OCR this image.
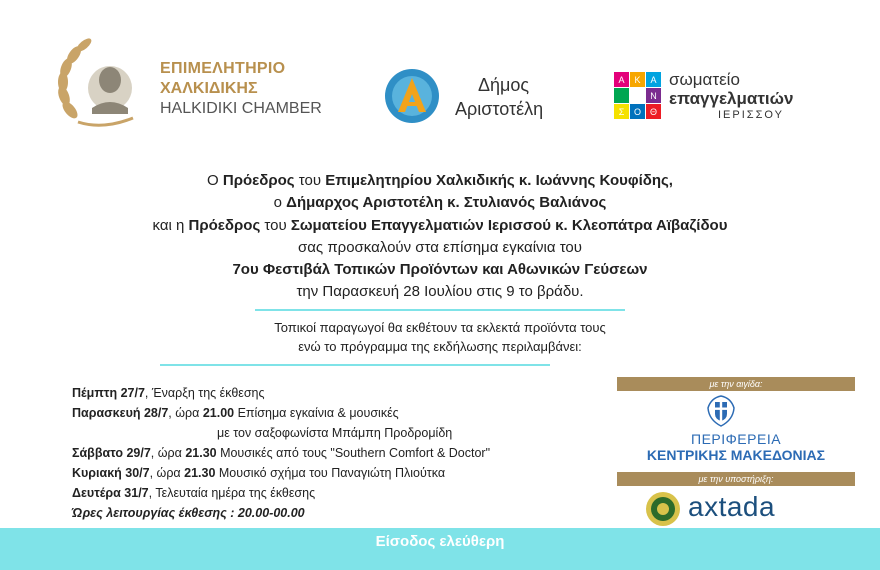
ΕΠΙΜΕΛΗΤΗΡΙΟ
ΧΑΛΚΙΔΙΚΗΣ
HALKIDIKI CHAMBER
Δήμος
Αριστοτέλη
Α Κ Α
Ν
Σ Ο Θ
σωματείο
επαγγελματιών
ΙΕΡΙΣΣΟΥ
Ο Πρόεδρος του Επιμελητηρίου Χαλκιδικής κ. Ιωάννης Κουφίδης,
ο Δήμαρχος Αριστοτέλη κ. Στυλιανός Βαλιάνος
και η Πρόεδρος του Σωματείου Επαγγελματιών Ιερισσού κ. Κλεοπάτρα Αϊβαζίδου
σας προσκαλούν στα επίσημα εγκαίνια του
7ου Φεστιβάλ Τοπικών Προϊόντων και Αθωνικών Γεύσεων
την Παρασκευή 28 Ιουλίου στις 9 το βράδυ.
Τοπικοί παραγωγοί θα εκθέτουν τα εκλεκτά προϊόντα τους
ενώ το πρόγραμμα της εκδήλωσης περιλαμβάνει:
Πέμπτη 27/7, Έναρξη της έκθεσης
Παρασκευή 28/7, ώρα 21.00 Επίσημα εγκαίνια & μουσικές
με τον σαξοφωνίστα Μπάμπη Προδρομίδη
Σάββατο 29/7, ώρα 21.30 Μουσικές από τους "Southern Comfort & Doctor"
Κυριακή 30/7, ώρα 21.30 Μουσικό σχήμα του Παναγιώτη Πλιούτκα
Δευτέρα 31/7, Τελευταία ημέρα της έκθεσης
Ώρες λειτουργίας έκθεσης : 20.00-00.00
με την αιγίδα:
ΠΕΡΙΦΕΡΕΙΑ
ΚΕΝΤΡΙΚΗΣ ΜΑΚΕΔΟΝΙΑΣ
με την υποστήριξη:
axtada
Είσοδος ελεύθερη
